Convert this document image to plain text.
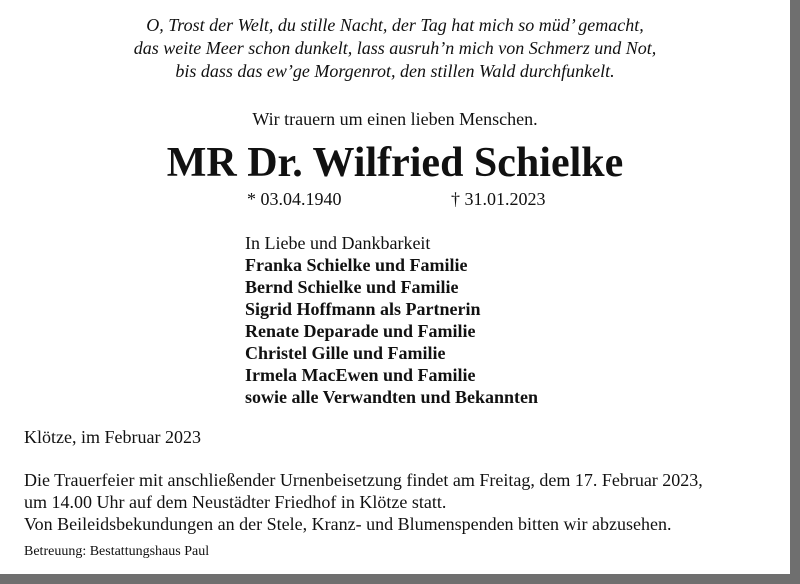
O, Trost der Welt, du stille Nacht, der Tag hat mich so müd’ gemacht,
das weite Meer schon dunkelt, lass ausruh’n mich von Schmerz und Not,
bis dass das ew’ge Morgenrot, den stillen Wald durchfunkelt.
Wir trauern um einen lieben Menschen.
MR Dr. Wilfried Schielke
* 03.04.1940	† 31.01.2023
In Liebe und Dankbarkeit
Franka Schielke und Familie
Bernd Schielke und Familie
Sigrid Hoffmann als Partnerin
Renate Deparade und Familie
Christel Gille und Familie
Irmela MacEwen und Familie
sowie alle Verwandten und Bekannten
Klötze, im Februar 2023
Die Trauerfeier mit anschließender Urnenbeisetzung findet am Freitag, dem 17. Februar 2023,
um 14.00 Uhr auf dem Neustädter Friedhof in Klötze statt.
Von Beileidsbekundungen an der Stele, Kranz- und Blumenspenden bitten wir abzusehen.
Betreuung: Bestattungshaus Paul
